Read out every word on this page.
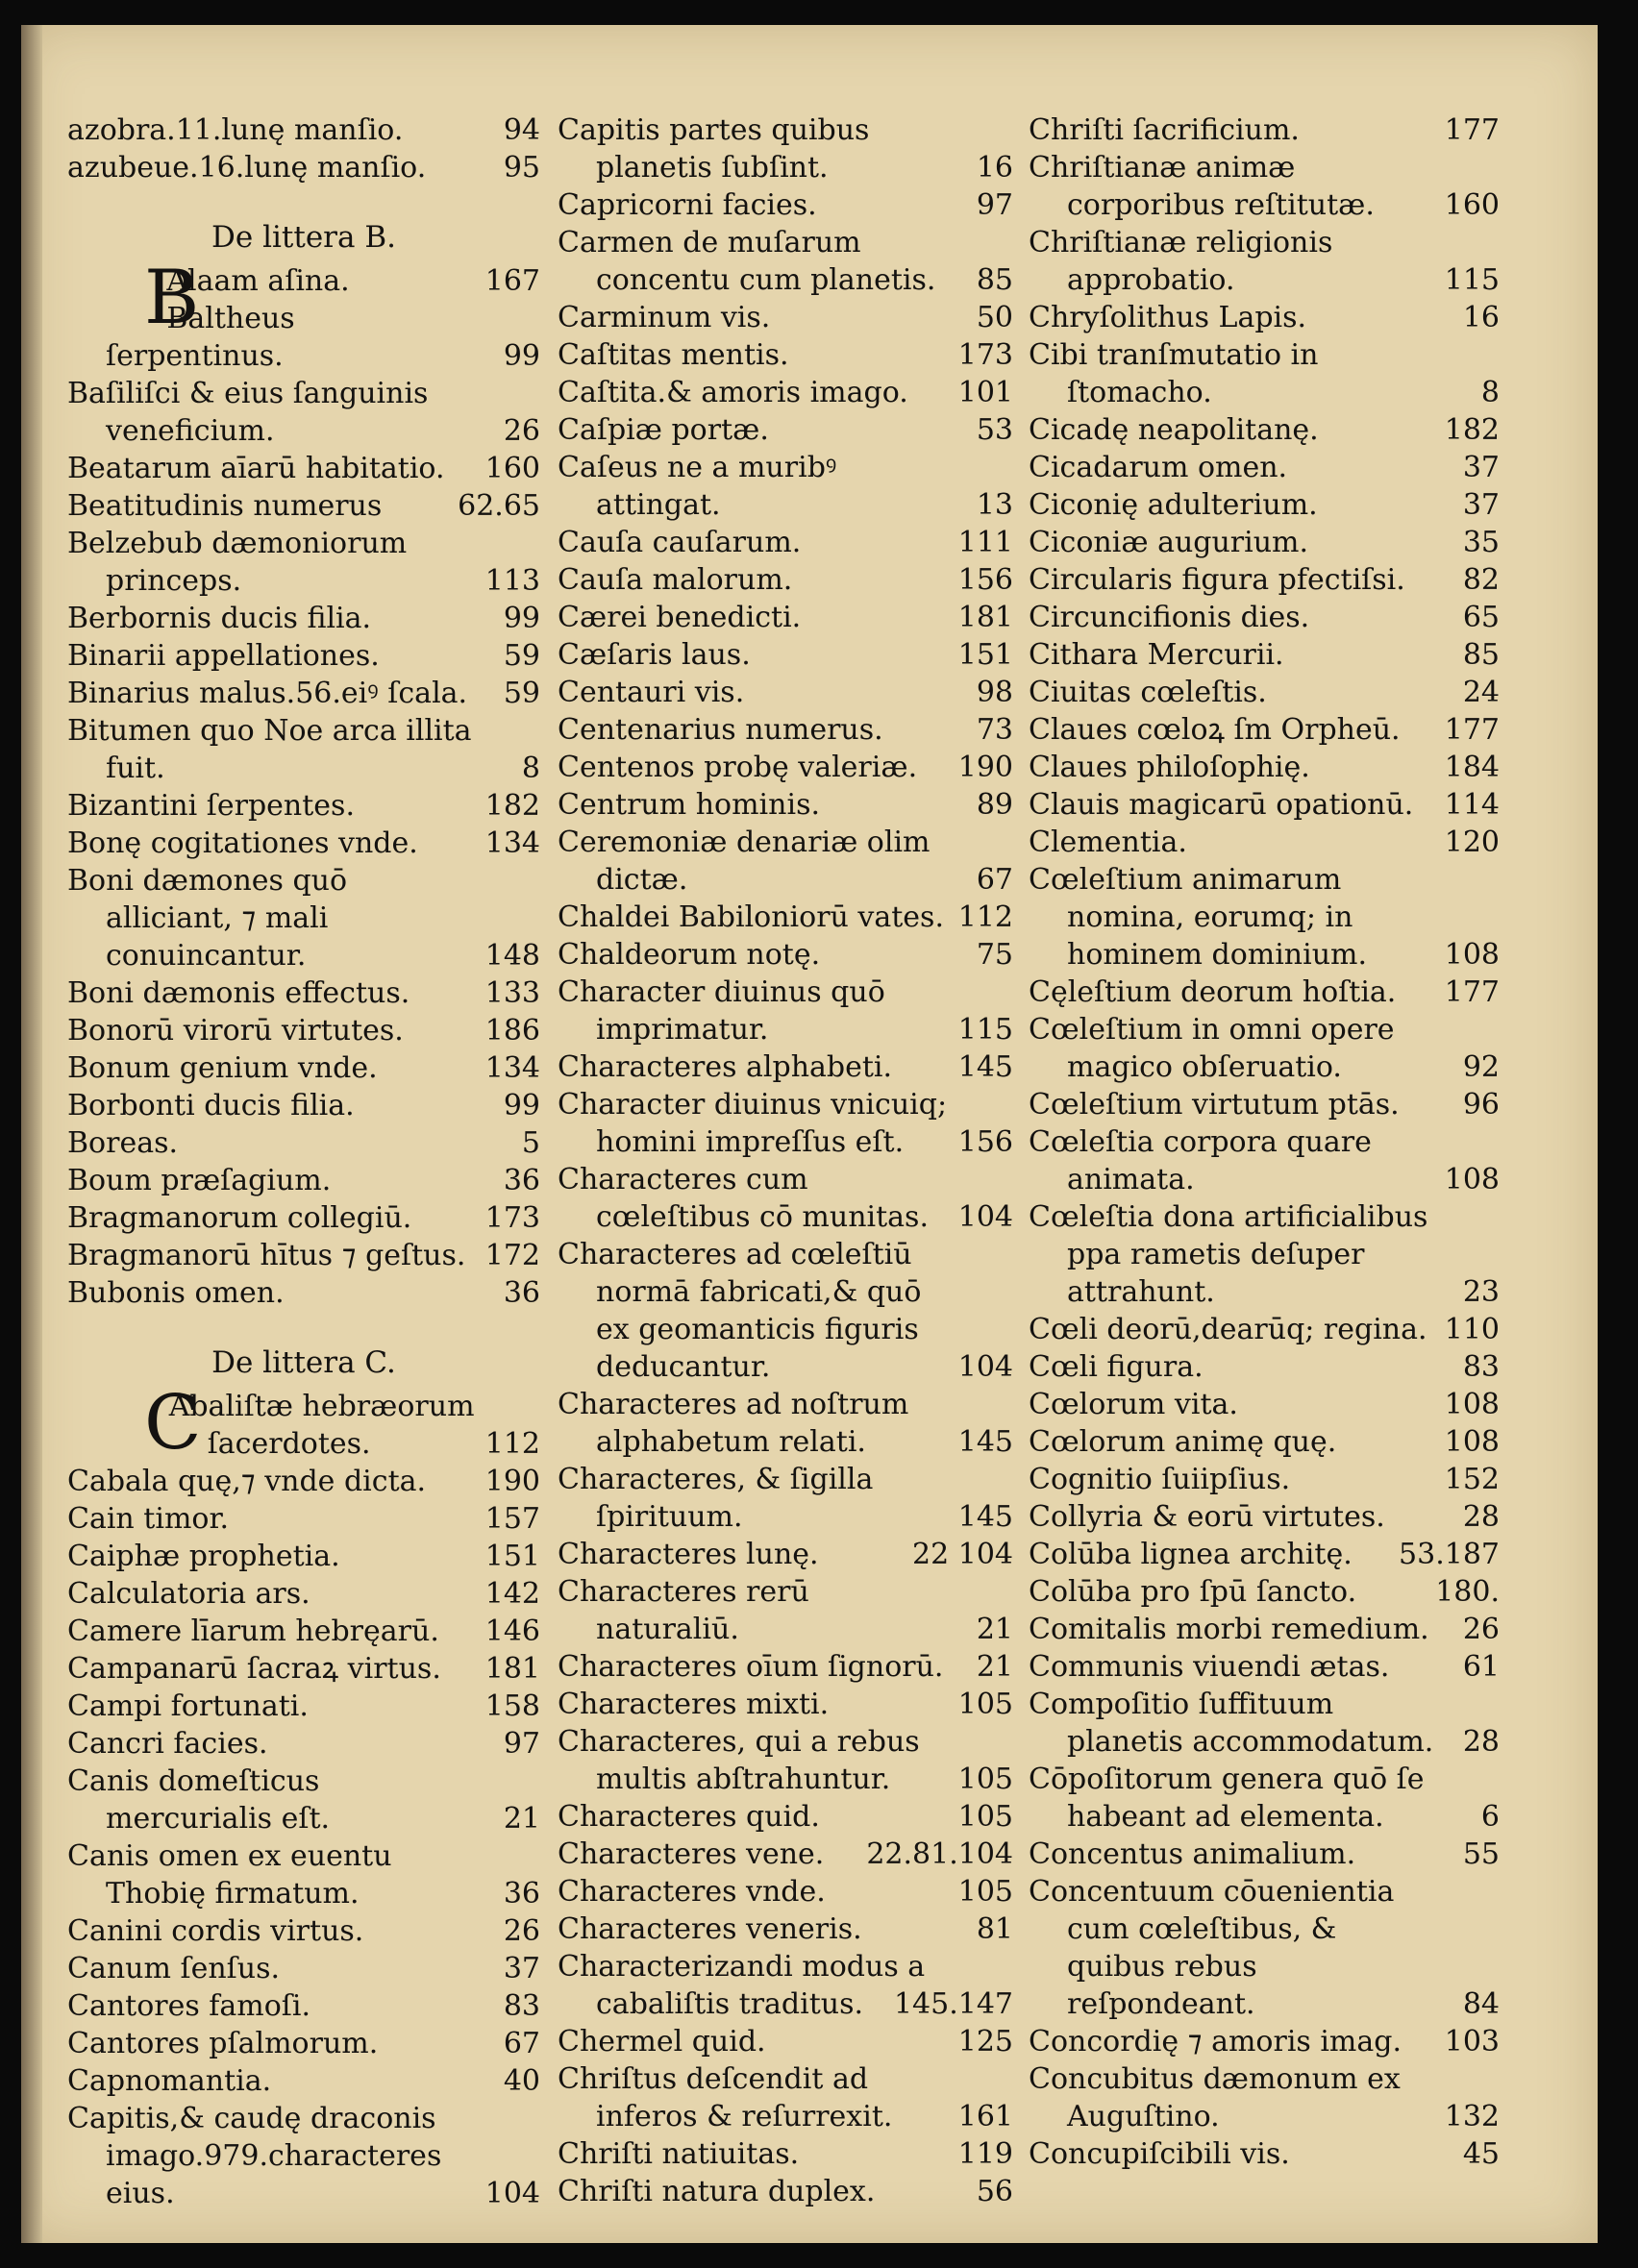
azobra.11.lunę manſio.	94
azubeue.16.lunę manſio.	95
De littera B.
B
Alaam aſina.	167
Baltheus ſerpentinus.	99
Baſiliſci & eius ſanguinis veneficium.	26
Beatarum aīarū habitatio. 160
Beatitudinis numerus	62.65
Belzebub dæmoniorum princeps.	113
Berbornis ducis filia.	99
Binarii appellationes.	59
Binarius malus.56.eiꝰ ſcala. 59
Bitumen quo Noe arca illita fuit.	8
Bizantini ſerpentes.	182
Bonę cogitationes vnde. 134
Boni dæmones quō alliciant, ⁊ mali conuincantur.	148
Boni dæmonis effectus.	133
Bonorū virorū virtutes.	186
Bonum genium vnde.	134
Borbonti ducis filia.	99
Boreas.	5
Boum præſagium.	36
Bragmanorum collegiū.	173
Bragmanorū hītus ⁊ geſtus. 172
Bubonis omen.	36
De littera C.
C
Abaliſtæ hebræorum ſacerdotes.	112
Cabala quę,⁊ vnde dicta. 190
Cain timor.	157
Caiphæ prophetia.	151
Calculatoria ars.	142
Camere līarum hebręarū. 146
Campanarū ſacraꝝ virtus. 181
Campi fortunati.	158
Cancri facies.	97
Canis domeſticus mercurialis eſt.	21
Canis omen ex euentu Thobię firmatum.	36
Canini cordis virtus.	26
Canum ſenſus.	37
Cantores famoſi.	83
Cantores pſalmorum.	67
Capnomantia.	40
Capitis,& caudę draconis imago.979.characteres eius.	104
Capitis partes quibus planetis ſubſint.	16
Capricorni facies.	97
Carmen de muſarum concentu cum planetis. 85
Carminum vis.	50
Caſtitas mentis.	173
Caſtita.& amoris imago. 101
Caſpiæ portæ.	53
Caſeus ne a muribꝰ attingat.	13
Cauſa cauſarum.	111
Cauſa malorum.	156
Cærei benedicti.	181
Cæſaris laus.	151
Centauri vis.	98
Centenarius numerus.	73
Centenos probę valeriæ. 190
Centrum hominis.	89
Ceremoniæ denariæ olim dictæ.	67
Chaldei Babiloniorū vates. 112
Chaldeorum notę.	75
Character diuinus quō imprimatur.	115
Characteres alphabeti. 145
Character diuinus vnicuiq; homini impreſſus eſt. 156
Characteres cum cœleſtibus cō munitas. 104
Characteres ad cœleſtiū normā fabricati,& quō ex geomanticis figuris deducantur.	104
Characteres ad noſtrum alphabetum relati.	145
Characteres, & ſigilla ſpirituum.	145
Characteres lunę.	22 104
Characteres rerū naturaliū.	21
Characteres oīum ſignorū. 21
Characteres mixti.	105
Characteres, qui a rebus multis abſtrahuntur. 105
Characteres quid.	105
Characteres vene. 22.81.104
Characteres vnde.	105
Characteres veneris.	81
Characterizandi modus a cabaliſtis traditus. 145.147
Chermel quid.	125
Chriſtus deſcendit ad inferos & reſurrexit. 161
Chriſti natiuitas.	119
Chriſti natura duplex.	56
Chriſti ſacrificium.	177
Chriſtianæ animæ corporibus reſtitutæ. 160
Chriſtianæ religionis approbatio.	115
Chryſolithus Lapis.	16
Cibi tranſmutatio in ſtomacho.	8
Cicadę neapolitanę.	182
Cicadarum omen.	37
Ciconię adulterium.	37
Ciconiæ augurium.	35
Circularis figura pfectiſsi. 82
Circuncifionis dies.	65
Cithara Mercurii.	85
Ciuitas cœleſtis.	24
Claues cœloꝝ ſm Orpheū. 177
Claues philoſophię.	184
Clauis magicarū opationū. 114
Clementia.	120
Cœleſtium animarum nomina, eorumq; in hominem dominium.	108
Cęleſtium deorum hoſtia. 177
Cœleſtium in omni opere magico obſeruatio.	92
Cœleſtium virtutum ptās. 96
Cœleſtia corpora quare animata.	108
Cœleſtia dona artificialibus ppa rametis deſuper attrahunt.	23
Cœli deorū,dearūq; regina. 110
Cœli figura.	83
Cœlorum vita.	108
Cœlorum animę quę.	108
Cognitio ſuiipſius.	152
Collyria & eorū virtutes.	28
Colūba lignea architę. 53.187
Colūba pro ſpū ſancto.	180.
Comitalis morbi remedium. 26
Communis viuendi ætas.	61
Compoſitio ſuffituum planetis accommodatum. 28
Cōpoſitorum genera quō ſe habeant ad elementa.	6
Concentus animalium.	55
Concentuum cōuenientia cum cœleſtibus, & quibus rebus reſpondeant.	84
Concordię ⁊ amoris imag. 103
Concubitus dæmonum ex Auguſtino.	132
Concupiſcibili vis.	45
